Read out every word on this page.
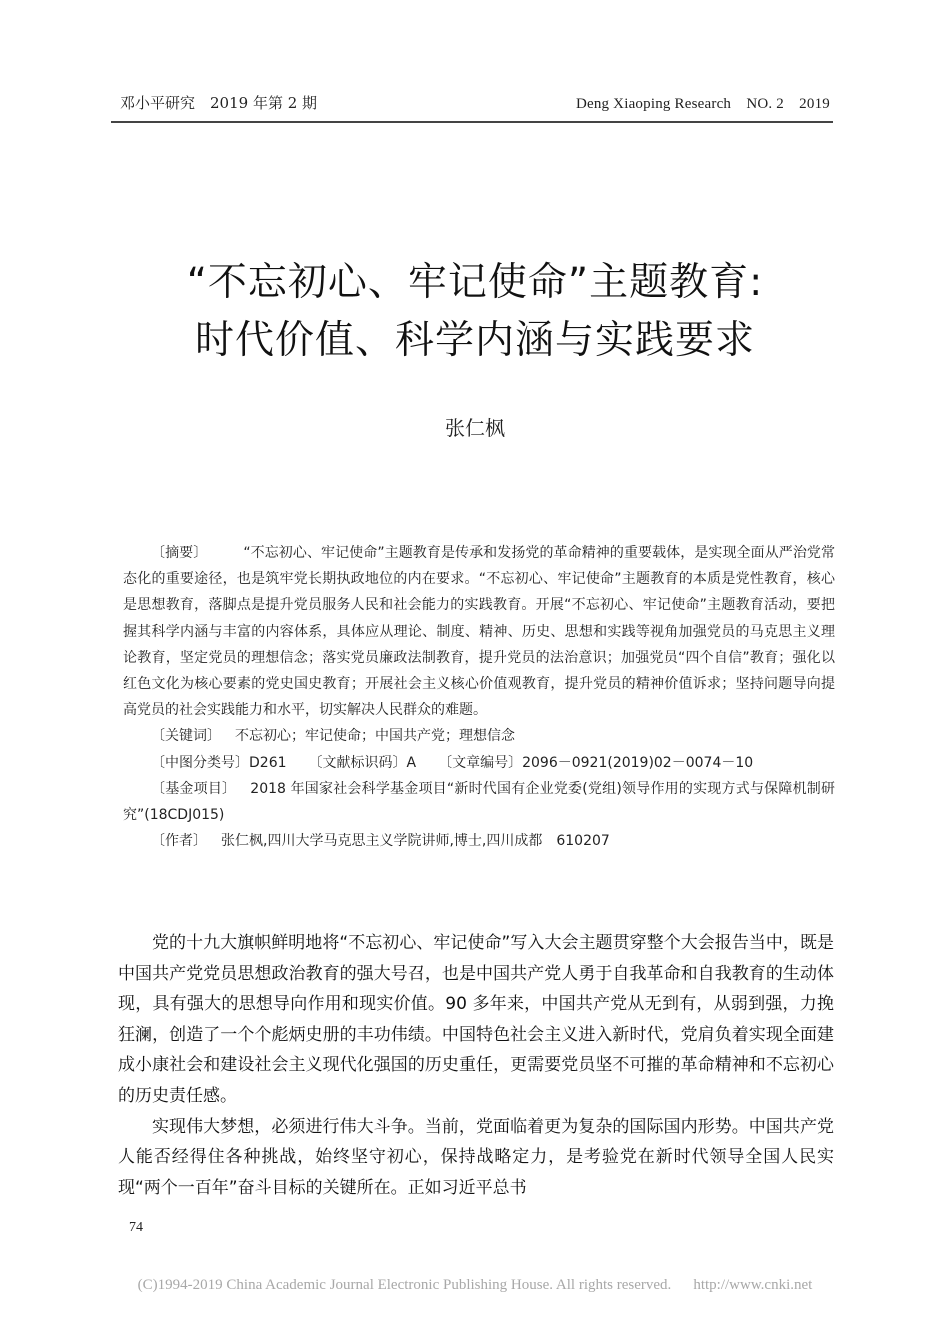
邓小平研究　2019 年第 2 期	Deng Xiaoping Research　NO. 2　2019
“不忘初心、牢记使命”主题教育:
时代价值、科学内涵与实践要求
张仁枫

〔摘要〕	“不忘初心、牢记使命”主题教育是传承和发扬党的革命精神的重要载体，是实现全面从严治党常态化的重要途径，也是筑牢党长期执政地位的内在要求。“不忘初心、牢记使命”主题教育的本质是党性教育，核心是思想教育，落脚点是提升党员服务人民和社会能力的实践教育。开展“不忘初心、牢记使命”主题教育活动，要把握其科学内涵与丰富的内容体系，具体应从理论、制度、精神、历史、思想和实践等视角加强党员的马克思主义理论教育，坚定党员的理想信念；落实党员廉政法制教育，提升党员的法治意识；加强党员“四个自信”教育；强化以红色文化为核心要素的党史国史教育；开展社会主义核心价值观教育，提升党员的精神价值诉求；坚持问题导向提高党员的社会实践能力和水平，切实解决人民群众的难题。

〔关键词〕 不忘初心；牢记使命；中国共产党；理想信念

〔中图分类号〕D261 〔文献标识码〕A 〔文章编号〕2096－0921(2019)02－0074－10

〔基金项目〕 2018 年国家社会科学基金项目“新时代国有企业党委(党组)领导作用的实现方式与保障机制研究”(18CDJ015)

〔作者〕 张仁枫,四川大学马克思主义学院讲师,博士,四川成都　610207

党的十九大旗帜鲜明地将“不忘初心、牢记使命”写入大会主题贯穿整个大会报告当中，既是中国共产党党员思想政治教育的强大号召，也是中国共产党人勇于自我革命和自我教育的生动体现，具有强大的思想导向作用和现实价值。90 多年来，中国共产党从无到有，从弱到强，力挽狂澜，创造了一个个彪炳史册的丰功伟绩。中国特色社会主义进入新时代，党肩负着实现全面建成小康社会和建设社会主义现代化强国的历史重任，更需要党员坚不可摧的革命精神和不忘初心的历史责任感。

实现伟大梦想，必须进行伟大斗争。当前，党面临着更为复杂的国际国内形势。中国共产党人能否经得住各种挑战，始终坚守初心，保持战略定力，是考验党在新时代领导全国人民实现“两个一百年”奋斗目标的关键所在。正如习近平总书

74
(C)1994-2019 China Academic Journal Electronic Publishing House. All rights reserved. http://www.cnki.net
